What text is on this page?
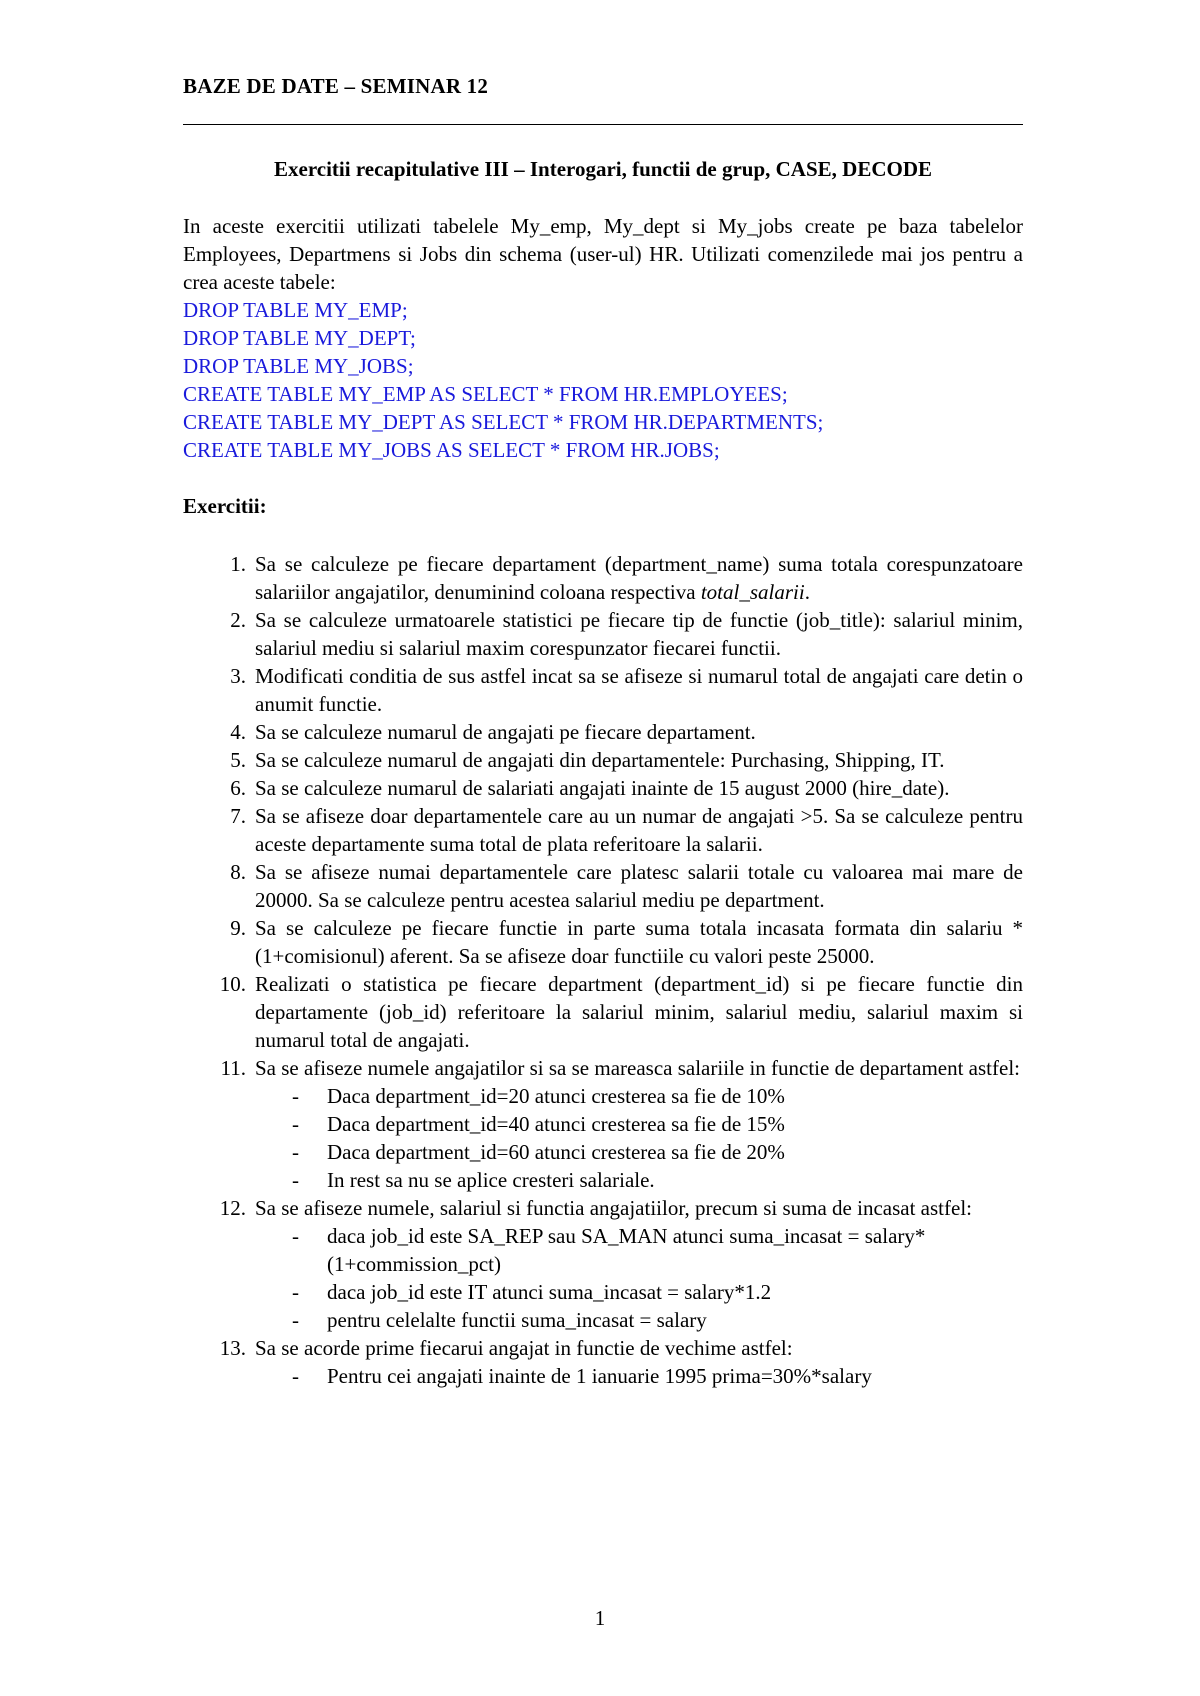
BAZE DE DATE – SEMINAR 12
Exercitii recapitulative III – Interogari, functii de grup, CASE, DECODE
In aceste exercitii utilizati tabelele My_emp, My_dept si My_jobs create pe baza tabelelor Employees, Departmens si Jobs din schema (user-ul) HR. Utilizati comenzilede mai jos pentru a crea aceste tabele:
DROP TABLE MY_EMP;
DROP TABLE MY_DEPT;
DROP TABLE MY_JOBS;
CREATE TABLE MY_EMP AS SELECT * FROM HR.EMPLOYEES;
CREATE TABLE MY_DEPT AS SELECT * FROM HR.DEPARTMENTS;
CREATE TABLE MY_JOBS AS SELECT * FROM HR.JOBS;
Exercitii:
1. Sa se calculeze pe fiecare departament (department_name) suma totala corespunzatoare salariilor angajatilor, denuminind coloana respectiva total_salarii.
2. Sa se calculeze urmatoarele statistici pe fiecare tip de functie (job_title): salariul minim, salariul mediu si salariul maxim corespunzator fiecarei functii.
3. Modificati conditia de sus astfel incat sa se afiseze si numarul total de angajati care detin o anumit functie.
4. Sa se calculeze numarul de angajati pe fiecare departament.
5. Sa se calculeze numarul de angajati din departamentele: Purchasing, Shipping, IT.
6. Sa se calculeze numarul de salariati angajati inainte de 15 august 2000 (hire_date).
7. Sa se afiseze doar departamentele care au un numar de angajati >5. Sa se calculeze pentru aceste departamente suma total de plata referitoare la salarii.
8. Sa se afiseze numai departamentele care platesc salarii totale cu valoarea mai mare de 20000. Sa se calculeze pentru acestea salariul mediu pe department.
9. Sa se calculeze pe fiecare functie in parte suma totala incasata formata din salariu * (1+comisionul) aferent. Sa se afiseze doar functiile cu valori peste 25000.
10. Realizati o statistica pe fiecare department (department_id) si pe fiecare functie din departamente (job_id) referitoare la salariul minim, salariul mediu, salariul maxim si numarul total de angajati.
11. Sa se afiseze numele angajatilor si sa se mareasca salariile in functie de departament astfel:
- Daca department_id=20 atunci cresterea sa fie de 10%
- Daca department_id=40 atunci cresterea sa fie de 15%
- Daca department_id=60 atunci cresterea sa fie de 20%
- In rest sa nu se aplice cresteri salariale.
12. Sa se afiseze numele, salariul si functia angajatiilor, precum si suma de incasat astfel:
- daca job_id este SA_REP sau SA_MAN atunci suma_incasat = salary*(1+commission_pct)
- daca job_id este IT atunci suma_incasat = salary*1.2
- pentru celelalte functii suma_incasat = salary
13. Sa se acorde prime fiecarui angajat in functie de vechime astfel:
- Pentru cei angajati inainte de 1 ianuarie 1995 prima=30%*salary
1
